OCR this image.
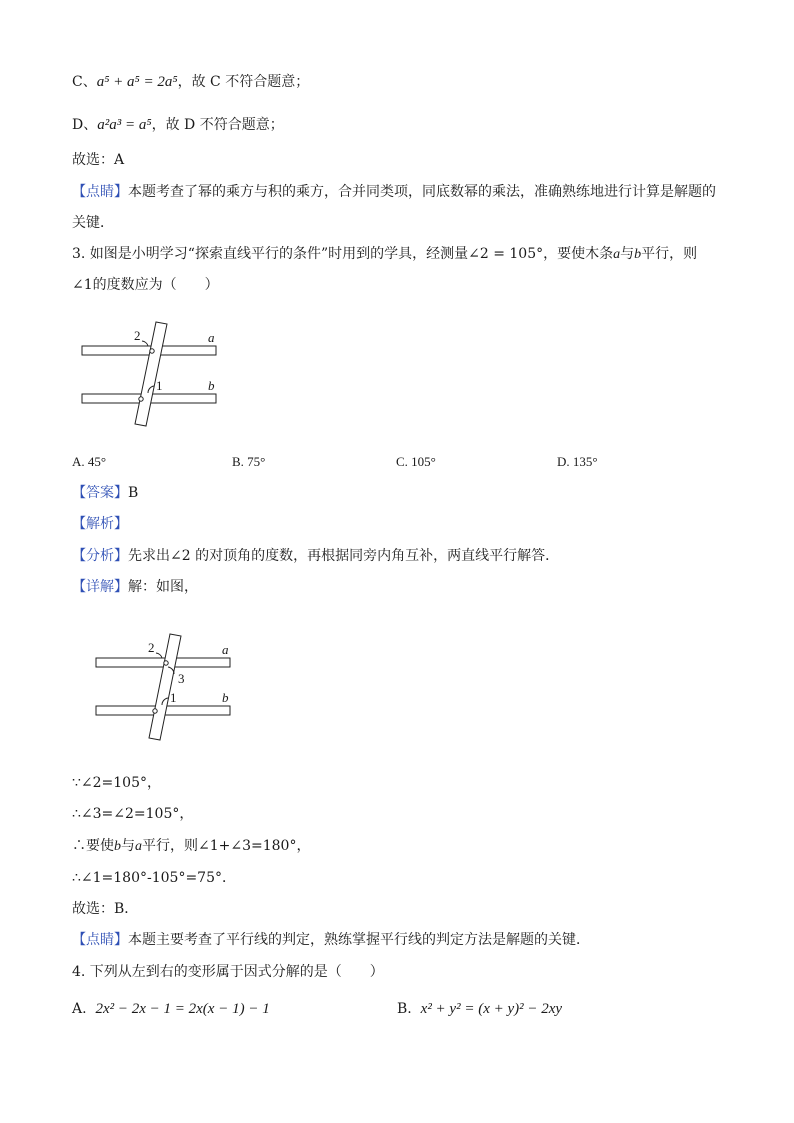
C、a⁵ + a⁵ = 2a⁵，故 C 不符合题意；
D、a²a³ = a⁵，故 D 不符合题意；
故选：A
【点睛】本题考查了幂的乘方与积的乘方，合并同类项，同底数幂的乘法，准确熟练地进行计算是解题的
关键．
3. 如图是小明学习“探索直线平行的条件”时用到的学具，经测量∠2 = 105°，要使木条a与b平行，则
∠1的度数应为（　　）
2	a
1	b
A. 45°	B. 75°	C. 105°	D. 135°
【答案】B
【解析】
【分析】先求出∠2 的对顶角的度数，再根据同旁内角互补，两直线平行解答．
【详解】解：如图，
2	a
3
1	b
∵∠2=105°，
∴∠3=∠2=105°，
∴要使b与a平行，则∠1+∠3=180°，
∴∠1=180°-105°=75°．
故选：B．
【点睛】本题主要考查了平行线的判定，熟练掌握平行线的判定方法是解题的关键．
4. 下列从左到右的变形属于因式分解的是（　　）
A. 2x² − 2x − 1 = 2x(x − 1) − 1	B. x² + y² = (x + y)² − 2xy
